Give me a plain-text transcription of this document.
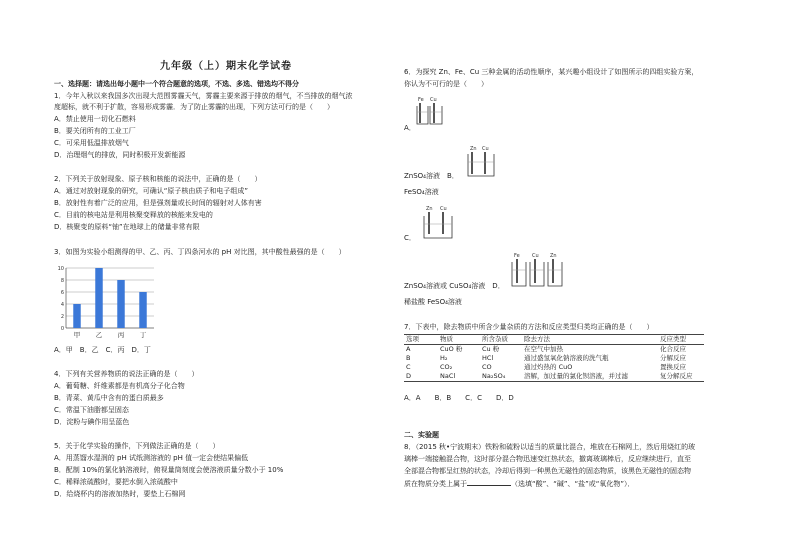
九年级（上）期末化学试卷
一、选择题：请选出每小题中一个符合题意的选项，不选、多选、错选均不得分
1．今年入秋以来我国多次出现大范围雾霾天气，雾霾主要来源于排放的烟气，不当排放的烟气浓
度超标，就不利于扩散，容易形成雾霾．为了防止雾霾的出现，下列方法可行的是（　　）
A．禁止使用一切化石燃料
B．要关闭所有的工业工厂
C．可采用低温排放烟气
D．治理烟气的排放，同时积极开发新能源
2．下列关于放射现象、原子核和核能的说法中，正确的是（　　）
A．通过对放射现象的研究，可确认“原子核由质子和电子组成”
B．放射性有着广泛的应用，但是强剂量或长时间的辐射对人体有害
C．目前的核电站是利用核聚变释放的核能来发电的
D．核聚变的原料“铀”在地球上的储量非常有限
3．如图为实验小组测得的甲、乙、丙、丁四条河水的 pH 对比图，其中酸性最强的是（　　）
0
2
4
6
8
10
甲 乙 丙 丁
A．甲　B．乙　C．丙　D．丁
4．下列有关营养物质的说法正确的是（　　）
A．葡萄糖、纤维素都是有机高分子化合物
B．青菜、黄瓜中含有的蛋白质最多
C．常温下油脂都呈固态
D．淀粉与碘作用呈蓝色
5．关于化学实验的操作，下列做法正确的是（　　）
A．用蒸馏水湿润的 pH 试纸测溶液的 pH 值一定会使结果偏低
B．配制 10%的氯化钠溶液时，俯视量筒刻度会使溶液质量分数小于 10%
C．稀释浓硫酸时，要把水倒入浓硫酸中
D．给烧杯内的溶液加热时，要垫上石棉网
6．为探究 Zn、Fe、Cu 三种金属的活动性顺序，某兴趣小组设计了如图所示的四组实验方案，
你认为不可行的是（　　）
Fe Cu
A．
Zn Cu
ZnSO₄溶液　B．
FeSO₄溶液
Zn Cu
C．
Fe Cu Zn
ZnSO₄溶液或 CuSO₄溶液　D．
稀盐酸 FeSO₄溶液
7．下表中，除去物质中所含少量杂质的方法和反应类型归类均正确的是（　　）
选项	物质	所含杂质	除去方法	反应类型
A	CuO 粉	Cu 粉	在空气中加热	化合反应
B	H₂	HCl	通过盛氢氧化钠溶液的洗气瓶	分解反应
C	CO₂	CO	通过灼热的 CuO	置换反应
D	NaCl	Na₂SO₄	溶解，加过量的氯化钡溶液，并过滤	复分解反应
A．A　　B．B　　C．C　　D．D
二、实验题
8．（2015 秋•宁波期末）铁粉和硫粉以适当的质量比混合，堆放在石棉网上，然后用烧红的玻
璃棒一端接触混合物，这时部分混合物迅速变红热状态，撤离玻璃棒后，反应继续进行，直至
全部混合物都呈红热的状态，冷却后得到一种黑色无磁性的固态物质，该黑色无磁性的固态物
质在物质分类上属于	（选填“酸”、“碱”、“盐”或“氧化物”）．
